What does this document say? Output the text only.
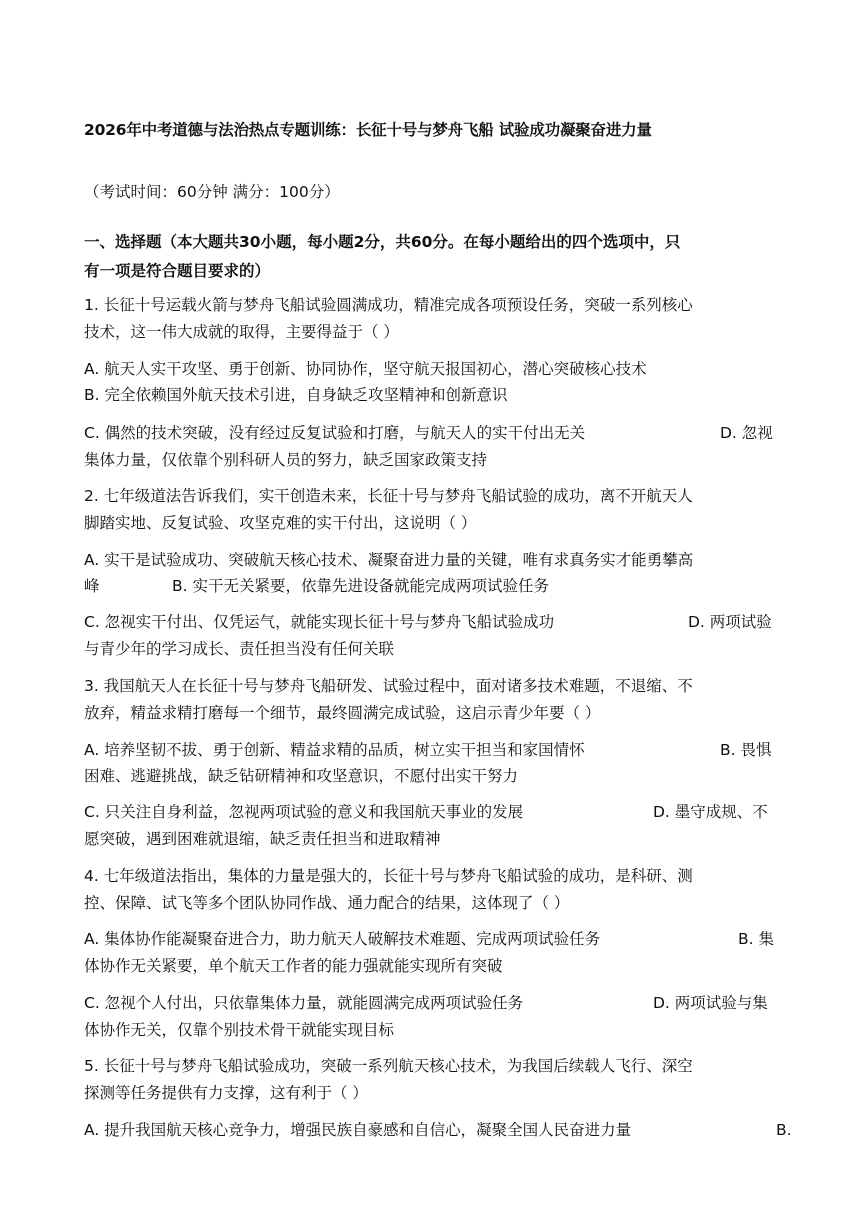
2026年中考道德与法治热点专题训练：长征十号与梦舟飞船 试验成功凝聚奋进力量
（考试时间：60分钟 满分：100分）
一、选择题（本大题共30小题，每小题2分，共60分。在每小题给出的四个选项中，只
有一项是符合题目要求的）
1. 长征十号运载火箭与梦舟飞船试验圆满成功，精准完成各项预设任务，突破一系列核心
技术，这一伟大成就的取得，主要得益于（ ）
A. 航天人实干攻坚、勇于创新、协同协作，坚守航天报国初心，潜心突破核心技术
B. 完全依赖国外航天技术引进，自身缺乏攻坚精神和创新意识
C. 偶然的技术突破，没有经过反复试验和打磨，与航天人的实干付出无关	D. 忽视
集体力量，仅依靠个别科研人员的努力，缺乏国家政策支持
2. 七年级道法告诉我们，实干创造未来，长征十号与梦舟飞船试验的成功，离不开航天人
脚踏实地、反复试验、攻坚克难的实干付出，这说明（ ）
A. 实干是试验成功、突破航天核心技术、凝聚奋进力量的关键，唯有求真务实才能勇攀高
峰	B. 实干无关紧要，依靠先进设备就能完成两项试验任务
C. 忽视实干付出、仅凭运气，就能实现长征十号与梦舟飞船试验成功	D. 两项试验
与青少年的学习成长、责任担当没有任何关联
3. 我国航天人在长征十号与梦舟飞船研发、试验过程中，面对诸多技术难题，不退缩、不
放弃，精益求精打磨每一个细节，最终圆满完成试验，这启示青少年要（ ）
A. 培养坚韧不拔、勇于创新、精益求精的品质，树立实干担当和家国情怀	B. 畏惧
困难、逃避挑战，缺乏钻研精神和攻坚意识，不愿付出实干努力
C. 只关注自身利益，忽视两项试验的意义和我国航天事业的发展	D. 墨守成规、不
愿突破，遇到困难就退缩，缺乏责任担当和进取精神
4. 七年级道法指出，集体的力量是强大的，长征十号与梦舟飞船试验的成功，是科研、测
控、保障、试飞等多个团队协同作战、通力配合的结果，这体现了（ ）
A. 集体协作能凝聚奋进合力，助力航天人破解技术难题、完成两项试验任务	B. 集
体协作无关紧要，单个航天工作者的能力强就能实现所有突破
C. 忽视个人付出，只依靠集体力量，就能圆满完成两项试验任务	D. 两项试验与集
体协作无关，仅靠个别技术骨干就能实现目标
5. 长征十号与梦舟飞船试验成功，突破一系列航天核心技术，为我国后续载人飞行、深空
探测等任务提供有力支撑，这有利于（ ）
A. 提升我国航天核心竞争力，增强民族自豪感和自信心，凝聚全国人民奋进力量	B.
